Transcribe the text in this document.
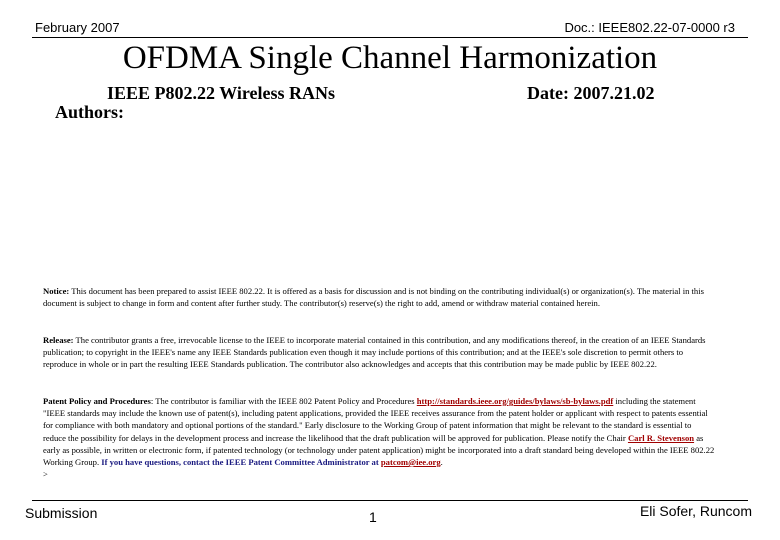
February 2007	Doc.: IEEE802.22-07-0000 r3
OFDMA Single Channel Harmonization
IEEE P802.22 Wireless RANs	Date: 2007.21.02
Authors:
Notice: This document has been prepared to assist IEEE 802.22. It is offered as a basis for discussion and is not binding on the contributing individual(s) or organization(s). The material in this document is subject to change in form and content after further study. The contributor(s) reserve(s) the right to add, amend or withdraw material contained herein.
Release: The contributor grants a free, irrevocable license to the IEEE to incorporate material contained in this contribution, and any modifications thereof, in the creation of an IEEE Standards publication; to copyright in the IEEE's name any IEEE Standards publication even though it may include portions of this contribution; and at the IEEE's sole discretion to permit others to reproduce in whole or in part the resulting IEEE Standards publication. The contributor also acknowledges and accepts that this contribution may be made public by IEEE 802.22.
Patent Policy and Procedures: The contributor is familiar with the IEEE 802 Patent Policy and Procedures http://standards.ieee.org/guides/bylaws/sb-bylaws.pdf including the statement "IEEE standards may include the known use of patent(s), including patent applications, provided the IEEE receives assurance from the patent holder or applicant with respect to patents essential for compliance with both mandatory and optional portions of the standard." Early disclosure to the Working Group of patent information that might be relevant to the standard is essential to reduce the possibility for delays in the development process and increase the likelihood that the draft publication will be approved for publication. Please notify the Chair Carl R. Stevenson as early as possible, in written or electronic form, if patented technology (or technology under patent application) might be incorporated into a draft standard being developed within the IEEE 802.22 Working Group. If you have questions, contact the IEEE Patent Committee Administrator at patcom@iee.org.
>
Submission	1	Eli Sofer, Runcom
